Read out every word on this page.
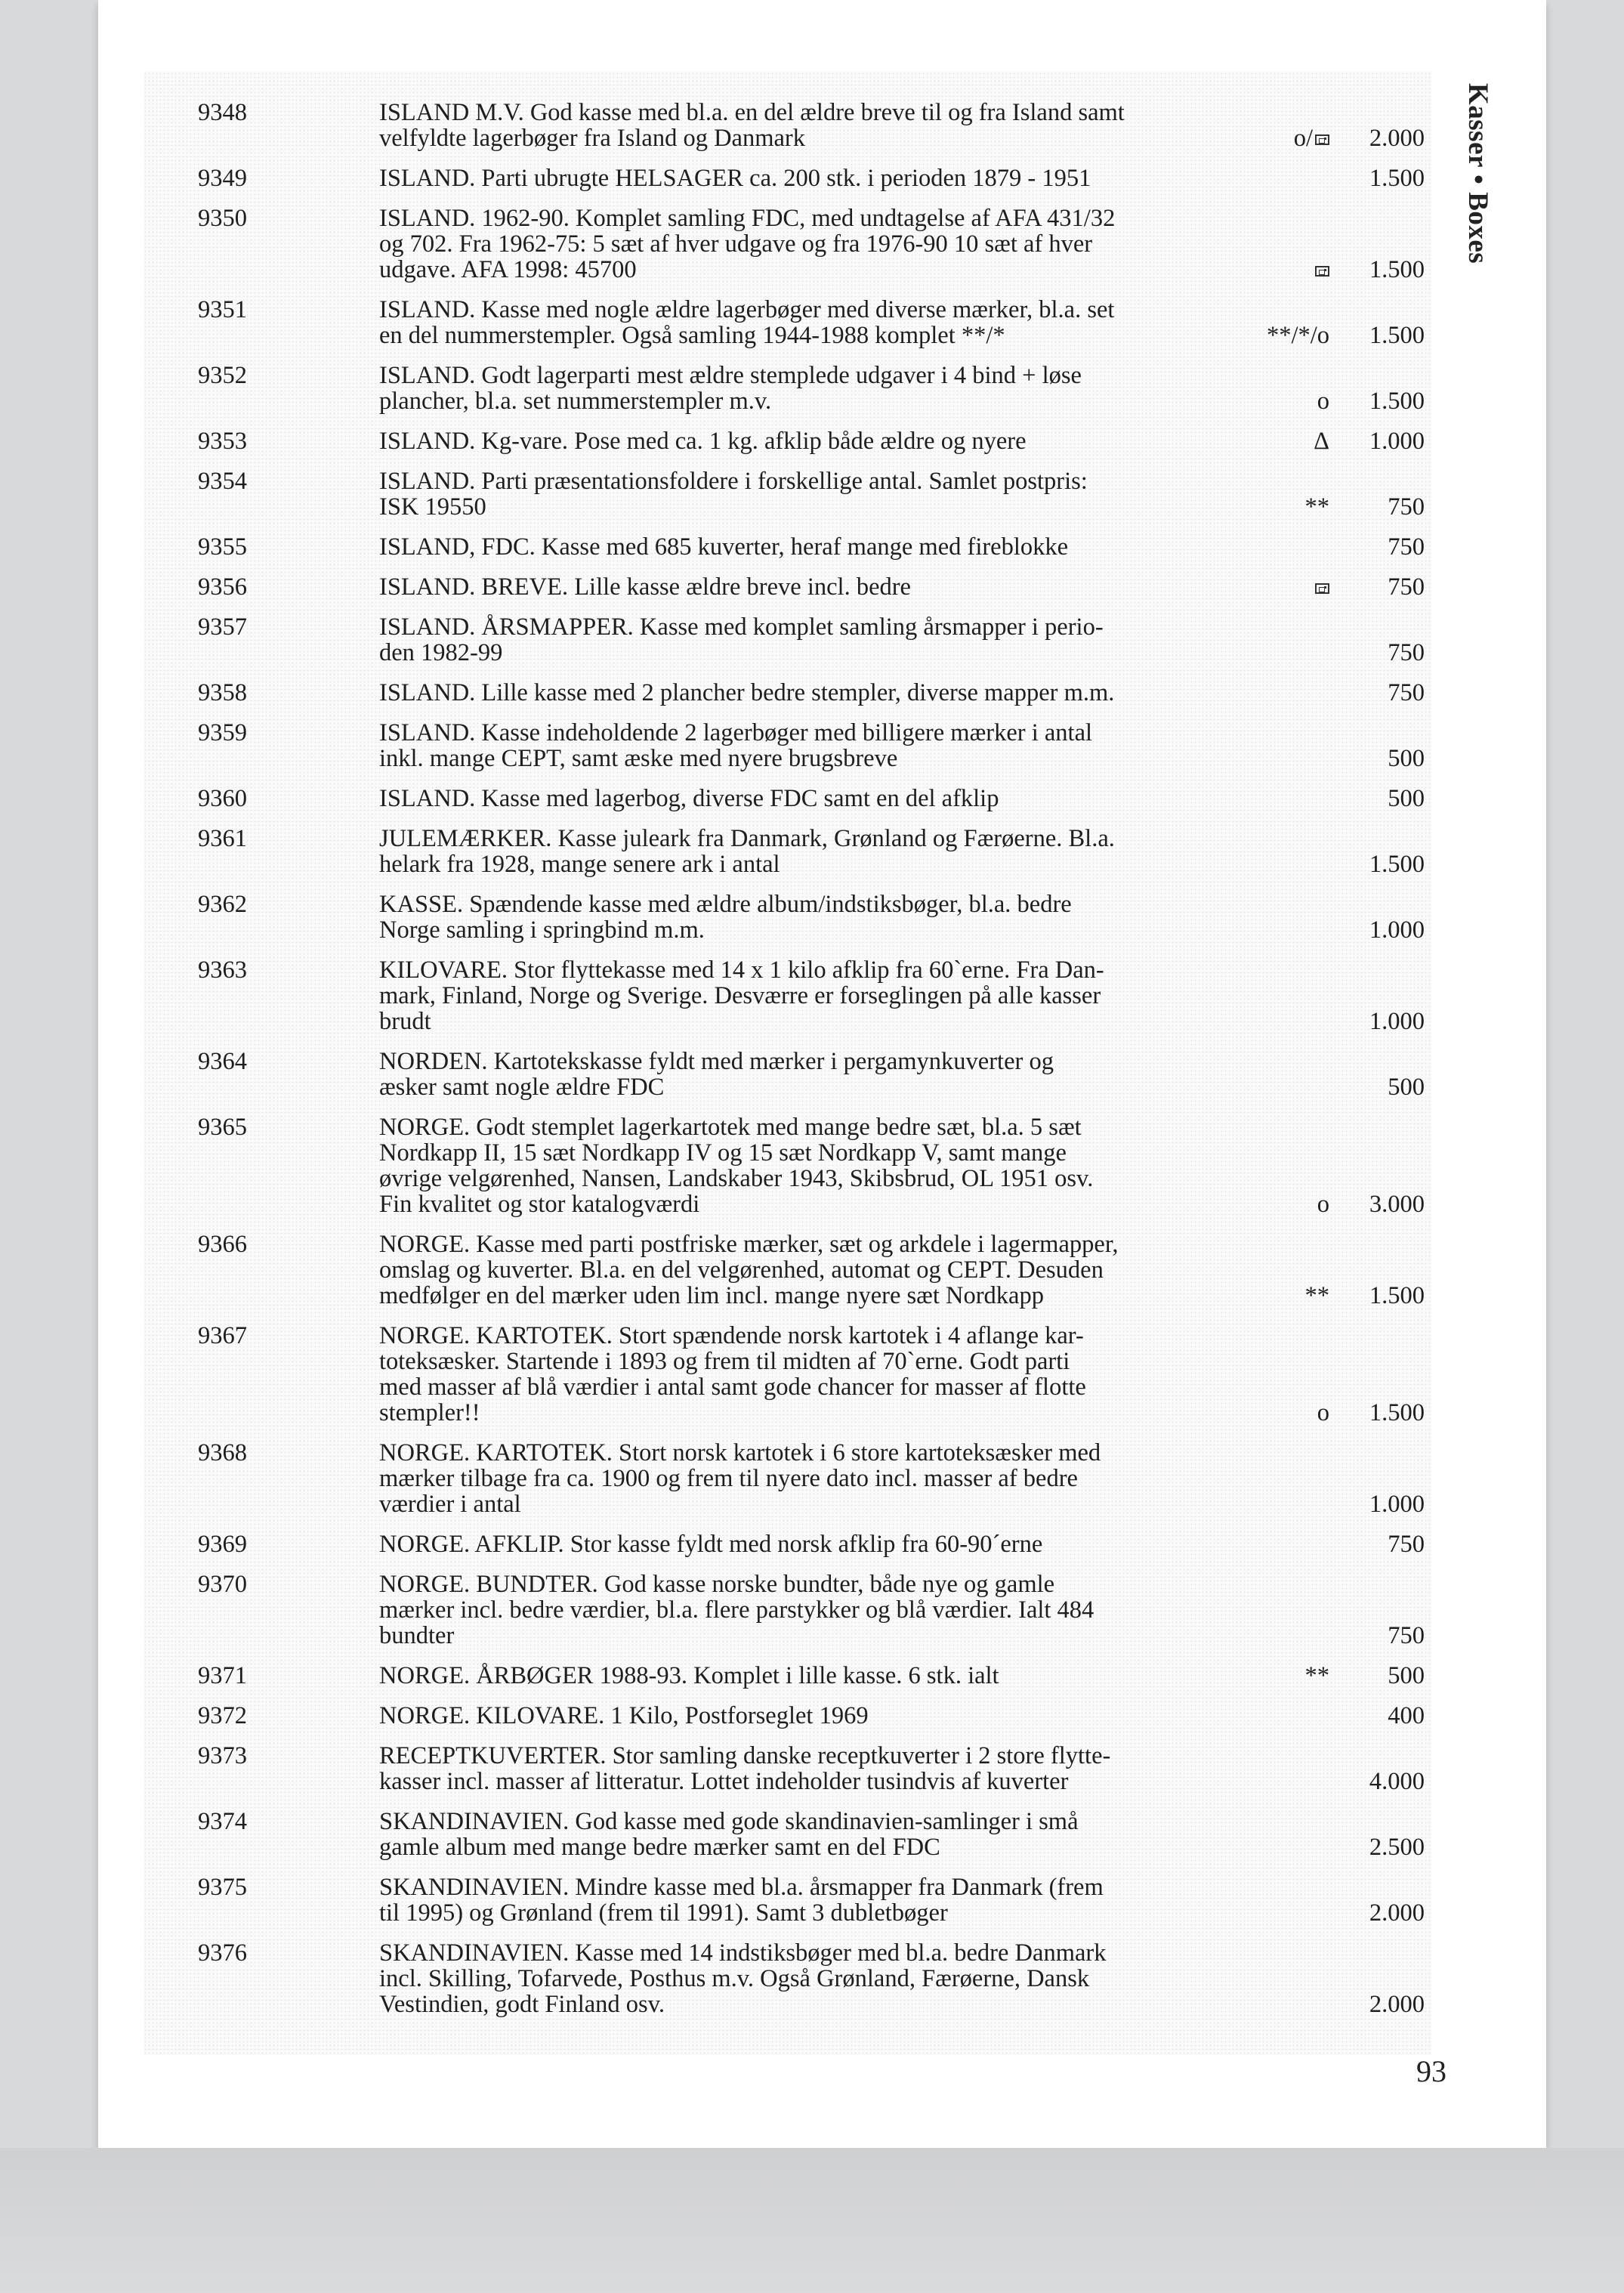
Kasser • Boxes
9348	ISLAND M.V. God kasse med bl.a. en del ældre breve til og fra Island samt
velfyldte lagerbøger fra Island og Danmark	o/	2.000
9349	ISLAND. Parti ubrugte HELSAGER ca. 200 stk. i perioden 1879 - 1951	1.500
9350	ISLAND. 1962-90. Komplet samling FDC, med undtagelse af AFA 431/32
og 702. Fra 1962-75: 5 sæt af hver udgave og fra 1976-90 10 sæt af hver
udgave. AFA 1998: 45700	1.500
9351	ISLAND. Kasse med nogle ældre lagerbøger med diverse mærker, bl.a. set
en del nummerstempler. Også samling 1944-1988 komplet **/*	**/*/o	1.500
9352	ISLAND. Godt lagerparti mest ældre stemplede udgaver i 4 bind + løse
plancher, bl.a. set nummerstempler m.v.	o	1.500
9353	ISLAND. Kg-vare. Pose med ca. 1 kg. afklip både ældre og nyere	Δ	1.000
9354	ISLAND. Parti præsentationsfoldere i forskellige antal. Samlet postpris:
ISK 19550	**	750
9355	ISLAND, FDC. Kasse med 685 kuverter, heraf mange med fireblokke	750
9356	ISLAND. BREVE. Lille kasse ældre breve incl. bedre	750
9357	ISLAND. ÅRSMAPPER. Kasse med komplet samling årsmapper i perio-
den 1982-99	750
9358	ISLAND. Lille kasse med 2 plancher bedre stempler, diverse mapper m.m.	750
9359	ISLAND. Kasse indeholdende 2 lagerbøger med billigere mærker i antal
inkl. mange CEPT, samt æske med nyere brugsbreve	500
9360	ISLAND. Kasse med lagerbog, diverse FDC samt en del afklip	500
9361	JULEMÆRKER. Kasse juleark fra Danmark, Grønland og Færøerne. Bl.a.
helark fra 1928, mange senere ark i antal	1.500
9362	KASSE. Spændende kasse med ældre album/indstiksbøger, bl.a. bedre
Norge samling i springbind m.m.	1.000
9363	KILOVARE. Stor flyttekasse med 14 x 1 kilo afklip fra 60`erne. Fra Dan-
mark, Finland, Norge og Sverige. Desværre er forseglingen på alle kasser
brudt	1.000
9364	NORDEN. Kartotekskasse fyldt med mærker i pergamynkuverter og
æsker samt nogle ældre FDC	500
9365	NORGE. Godt stemplet lagerkartotek med mange bedre sæt, bl.a. 5 sæt
Nordkapp II, 15 sæt Nordkapp IV og 15 sæt Nordkapp V, samt mange
øvrige velgørenhed, Nansen, Landskaber 1943, Skibsbrud, OL 1951 osv.
Fin kvalitet og stor katalogværdi	o	3.000
9366	NORGE. Kasse med parti postfriske mærker, sæt og arkdele i lagermapper,
omslag og kuverter. Bl.a. en del velgørenhed, automat og CEPT. Desuden
medfølger en del mærker uden lim incl. mange nyere sæt Nordkapp	**	1.500
9367	NORGE. KARTOTEK. Stort spændende norsk kartotek i 4 aflange kar-
toteksæsker. Startende i 1893 og frem til midten af 70`erne. Godt parti
med masser af blå værdier i antal samt gode chancer for masser af flotte
stempler!!	o	1.500
9368	NORGE. KARTOTEK. Stort norsk kartotek i 6 store kartoteksæsker med
mærker tilbage fra ca. 1900 og frem til nyere dato incl. masser af bedre
værdier i antal	1.000
9369	NORGE. AFKLIP. Stor kasse fyldt med norsk afklip fra 60-90´erne	750
9370	NORGE. BUNDTER. God kasse norske bundter, både nye og gamle
mærker incl. bedre værdier, bl.a. flere parstykker og blå værdier. Ialt 484
bundter	750
9371	NORGE. ÅRBØGER 1988-93. Komplet i lille kasse. 6 stk. ialt	**	500
9372	NORGE. KILOVARE. 1 Kilo, Postforseglet 1969	400
9373	RECEPTKUVERTER. Stor samling danske receptkuverter i 2 store flytte-
kasser incl. masser af litteratur. Lottet indeholder tusindvis af kuverter	4.000
9374	SKANDINAVIEN. God kasse med gode skandinavien-samlinger i små
gamle album med mange bedre mærker samt en del FDC	2.500
9375	SKANDINAVIEN. Mindre kasse med bl.a. årsmapper fra Danmark (frem
til 1995) og Grønland (frem til 1991). Samt 3 dubletbøger	2.000
9376	SKANDINAVIEN. Kasse med 14 indstiksbøger med bl.a. bedre Danmark
incl. Skilling, Tofarvede, Posthus m.v. Også Grønland, Færøerne, Dansk
Vestindien, godt Finland osv.	2.000
93
